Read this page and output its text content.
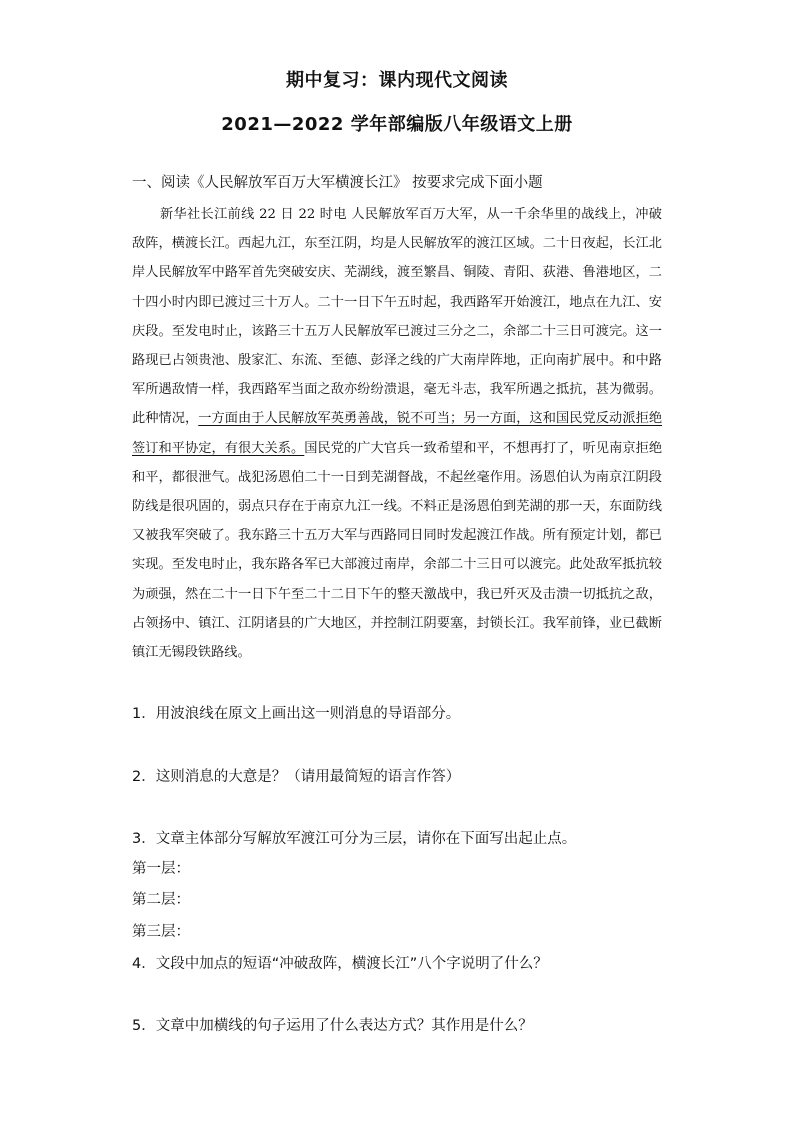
期中复习：课内现代文阅读
2021—2022 学年部编版八年级语文上册
一、阅读《人民解放军百万大军横渡长江》 按要求完成下面小题

新华社长江前线 22 日 22 时电 人民解放军百万大军，从一千余华里的战线上，冲破敌阵，横渡长江。西起九江，东至江阴，均是人民解放军的渡江区域。二十日夜起，长江北岸人民解放军中路军首先突破安庆、芜湖线，渡至繁昌、铜陵、青阳、荻港、鲁港地区，二十四小时内即已渡过三十万人。二十一日下午五时起，我西路军开始渡江，地点在九江、安庆段。至发电时止，该路三十五万人民解放军已渡过三分之二，余部二十三日可渡完。这一路现已占领贵池、殷家汇、东流、至德、彭泽之线的广大南岸阵地，正向南扩展中。和中路军所遇敌情一样，我西路军当面之敌亦纷纷溃退，毫无斗志，我军所遇之抵抗，甚为微弱。此种情况，一方面由于人民解放军英勇善战，锐不可当；另一方面，这和国民党反动派拒绝签订和平协定，有很大关系。国民党的广大官兵一致希望和平，不想再打了，听见南京拒绝和平，都很泄气。战犯汤恩伯二十一日到芜湖督战，不起丝毫作用。汤恩伯认为南京江阴段防线是很巩固的，弱点只存在于南京九江一线。不料正是汤恩伯到芜湖的那一天，东面防线又被我军突破了。我东路三十五万大军与西路同日同时发起渡江作战。所有预定计划，都已实现。至发电时止，我东路各军已大部渡过南岸，余部二十三日可以渡完。此处敌军抵抗较为顽强，然在二十一日下午至二十二日下午的整天激战中，我已歼灭及击溃一切抵抗之敌，占领扬中、镇江、江阴诸县的广大地区，并控制江阴要塞，封锁长江。我军前锋，业已截断镇江无锡段铁路线。

1．用波浪线在原文上画出这一则消息的导语部分。
2．这则消息的大意是？（请用最简短的语言作答）
3．文章主体部分写解放军渡江可分为三层，请你在下面写出起止点。
第一层：
第二层：
第三层：
4．文段中加点的短语“冲破敌阵，横渡长江”八个字说明了什么？
5．文章中加横线的句子运用了什么表达方式？其作用是什么？
